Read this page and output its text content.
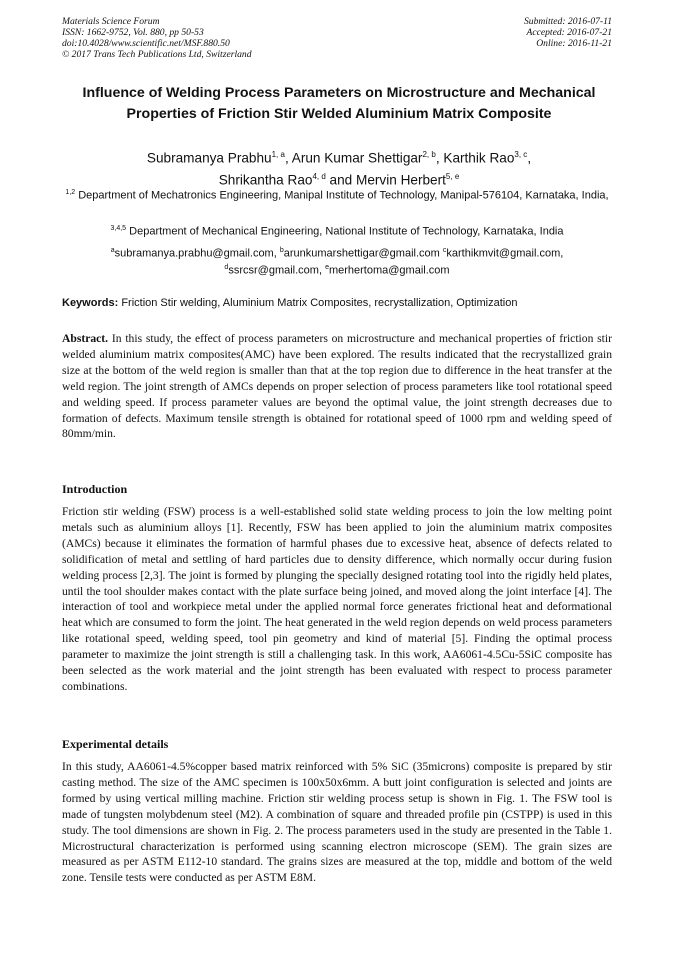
Materials Science Forum
ISSN: 1662-9752, Vol. 880, pp 50-53
doi:10.4028/www.scientific.net/MSF.880.50
© 2017 Trans Tech Publications Ltd, Switzerland
Submitted: 2016-07-11
Accepted: 2016-07-21
Online: 2016-11-21
Influence of Welding Process Parameters on Microstructure and Mechanical Properties of Friction Stir Welded Aluminium Matrix Composite
Subramanya Prabhu$^{1, a}$, Arun Kumar Shettigar$^{2, b}$, Karthik Rao$^{3, c}$,
Shrikantha Rao$^{4, d}$ and Mervin Herbert$^{5, e}$
$^{1,2}$ Department of Mechatronics Engineering, Manipal Institute of Technology, Manipal-576104, Karnataka, India,
$^{3,4,5}$ Department of Mechanical Engineering, National Institute of Technology, Karnataka, India
$^a$subramanya.prabhu@gmail.com, $^b$arunkumarshettigar@gmail.com $^c$karthikmvit@gmail.com,
$^d$ssrcsr@gmail.com, $^e$merhertoma@gmail.com
Keywords: Friction Stir welding, Aluminium Matrix Composites, recrystallization, Optimization
Abstract. In this study, the effect of process parameters on microstructure and mechanical properties of friction stir welded aluminium matrix composites(AMC) have been explored. The results indicated that the recrystallized grain size at the bottom of the weld region is smaller than that at the top region due to difference in the heat transfer at the weld region. The joint strength of AMCs depends on proper selection of process parameters like tool rotational speed and welding speed. If process parameter values are beyond the optimal value, the joint strength decreases due to formation of defects. Maximum tensile strength is obtained for rotational speed of 1000 rpm and welding speed of 80mm/min.
Introduction
Friction stir welding (FSW) process is a well-established solid state welding process to join the low melting point metals such as aluminium alloys [1]. Recently, FSW has been applied to join the aluminium matrix composites (AMCs) because it eliminates the formation of harmful phases due to excessive heat, absence of defects related to solidification of metal and settling of hard particles due to density difference, which normally occur during fusion welding process [2,3]. The joint is formed by plunging the specially designed rotating tool into the rigidly held plates, until the tool shoulder makes contact with the plate surface being joined, and moved along the joint interface [4]. The interaction of tool and workpiece metal under the applied normal force generates frictional heat and deformational heat which are consumed to form the joint. The heat generated in the weld region depends on weld process parameters like rotational speed, welding speed, tool pin geometry and kind of material [5]. Finding the optimal process parameter to maximize the joint strength is still a challenging task. In this work, AA6061-4.5Cu-5SiC composite has been selected as the work material and the joint strength has been evaluated with respect to process parameter combinations.
Experimental details
In this study, AA6061-4.5%copper based matrix reinforced with 5% SiC (35microns) composite is prepared by stir casting method. The size of the AMC specimen is 100x50x6mm. A butt joint configuration is selected and joints are formed by using vertical milling machine. Friction stir welding process setup is shown in Fig. 1. The FSW tool is made of tungsten molybdenum steel (M2). A combination of square and threaded profile pin (CSTPP) is used in this study. The tool dimensions are shown in Fig. 2. The process parameters used in the study are presented in the Table 1. Microstructural characterization is performed using scanning electron microscope (SEM). The grain sizes are measured as per ASTM E112-10 standard. The grains sizes are measured at the top, middle and bottom of the weld zone. Tensile tests were conducted as per ASTM E8M.
